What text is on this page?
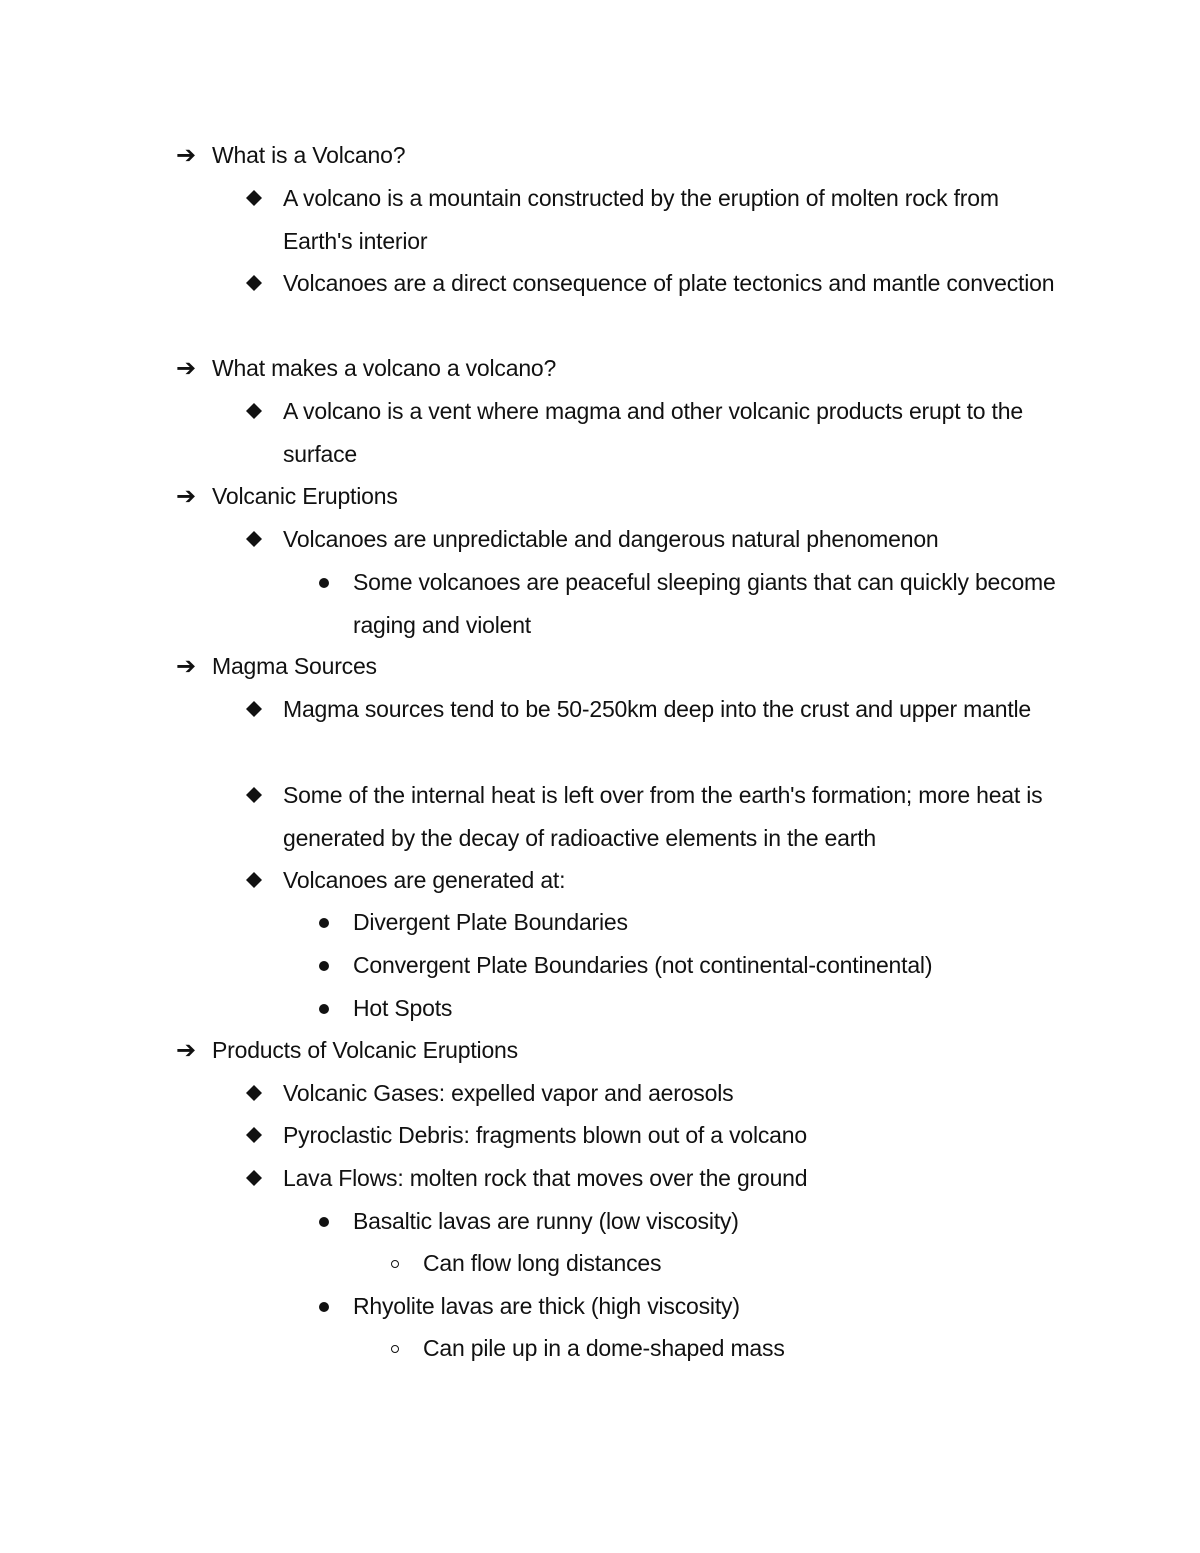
➔ What is a Volcano?
A volcano is a mountain constructed by the eruption of molten rock from Earth's interior
Volcanoes are a direct consequence of plate tectonics and mantle convection
➔ What makes a volcano a volcano?
A volcano is a vent where magma and other volcanic products erupt to the surface
➔ Volcanic Eruptions
Volcanoes are unpredictable and dangerous natural phenomenon
Some volcanoes are peaceful sleeping giants that can quickly become raging and violent
➔ Magma Sources
Magma sources tend to be 50-250km deep into the crust and upper mantle
Some of the internal heat is left over from the earth's formation; more heat is generated by the decay of radioactive elements in the earth
Volcanoes are generated at:
Divergent Plate Boundaries
Convergent Plate Boundaries (not continental-continental)
Hot Spots
➔ Products of Volcanic Eruptions
Volcanic Gases: expelled vapor and aerosols
Pyroclastic Debris: fragments blown out of a volcano
Lava Flows: molten rock that moves over the ground
Basaltic lavas are runny (low viscosity)
Can flow long distances
Rhyolite lavas are thick (high viscosity)
Can pile up in a dome-shaped mass
